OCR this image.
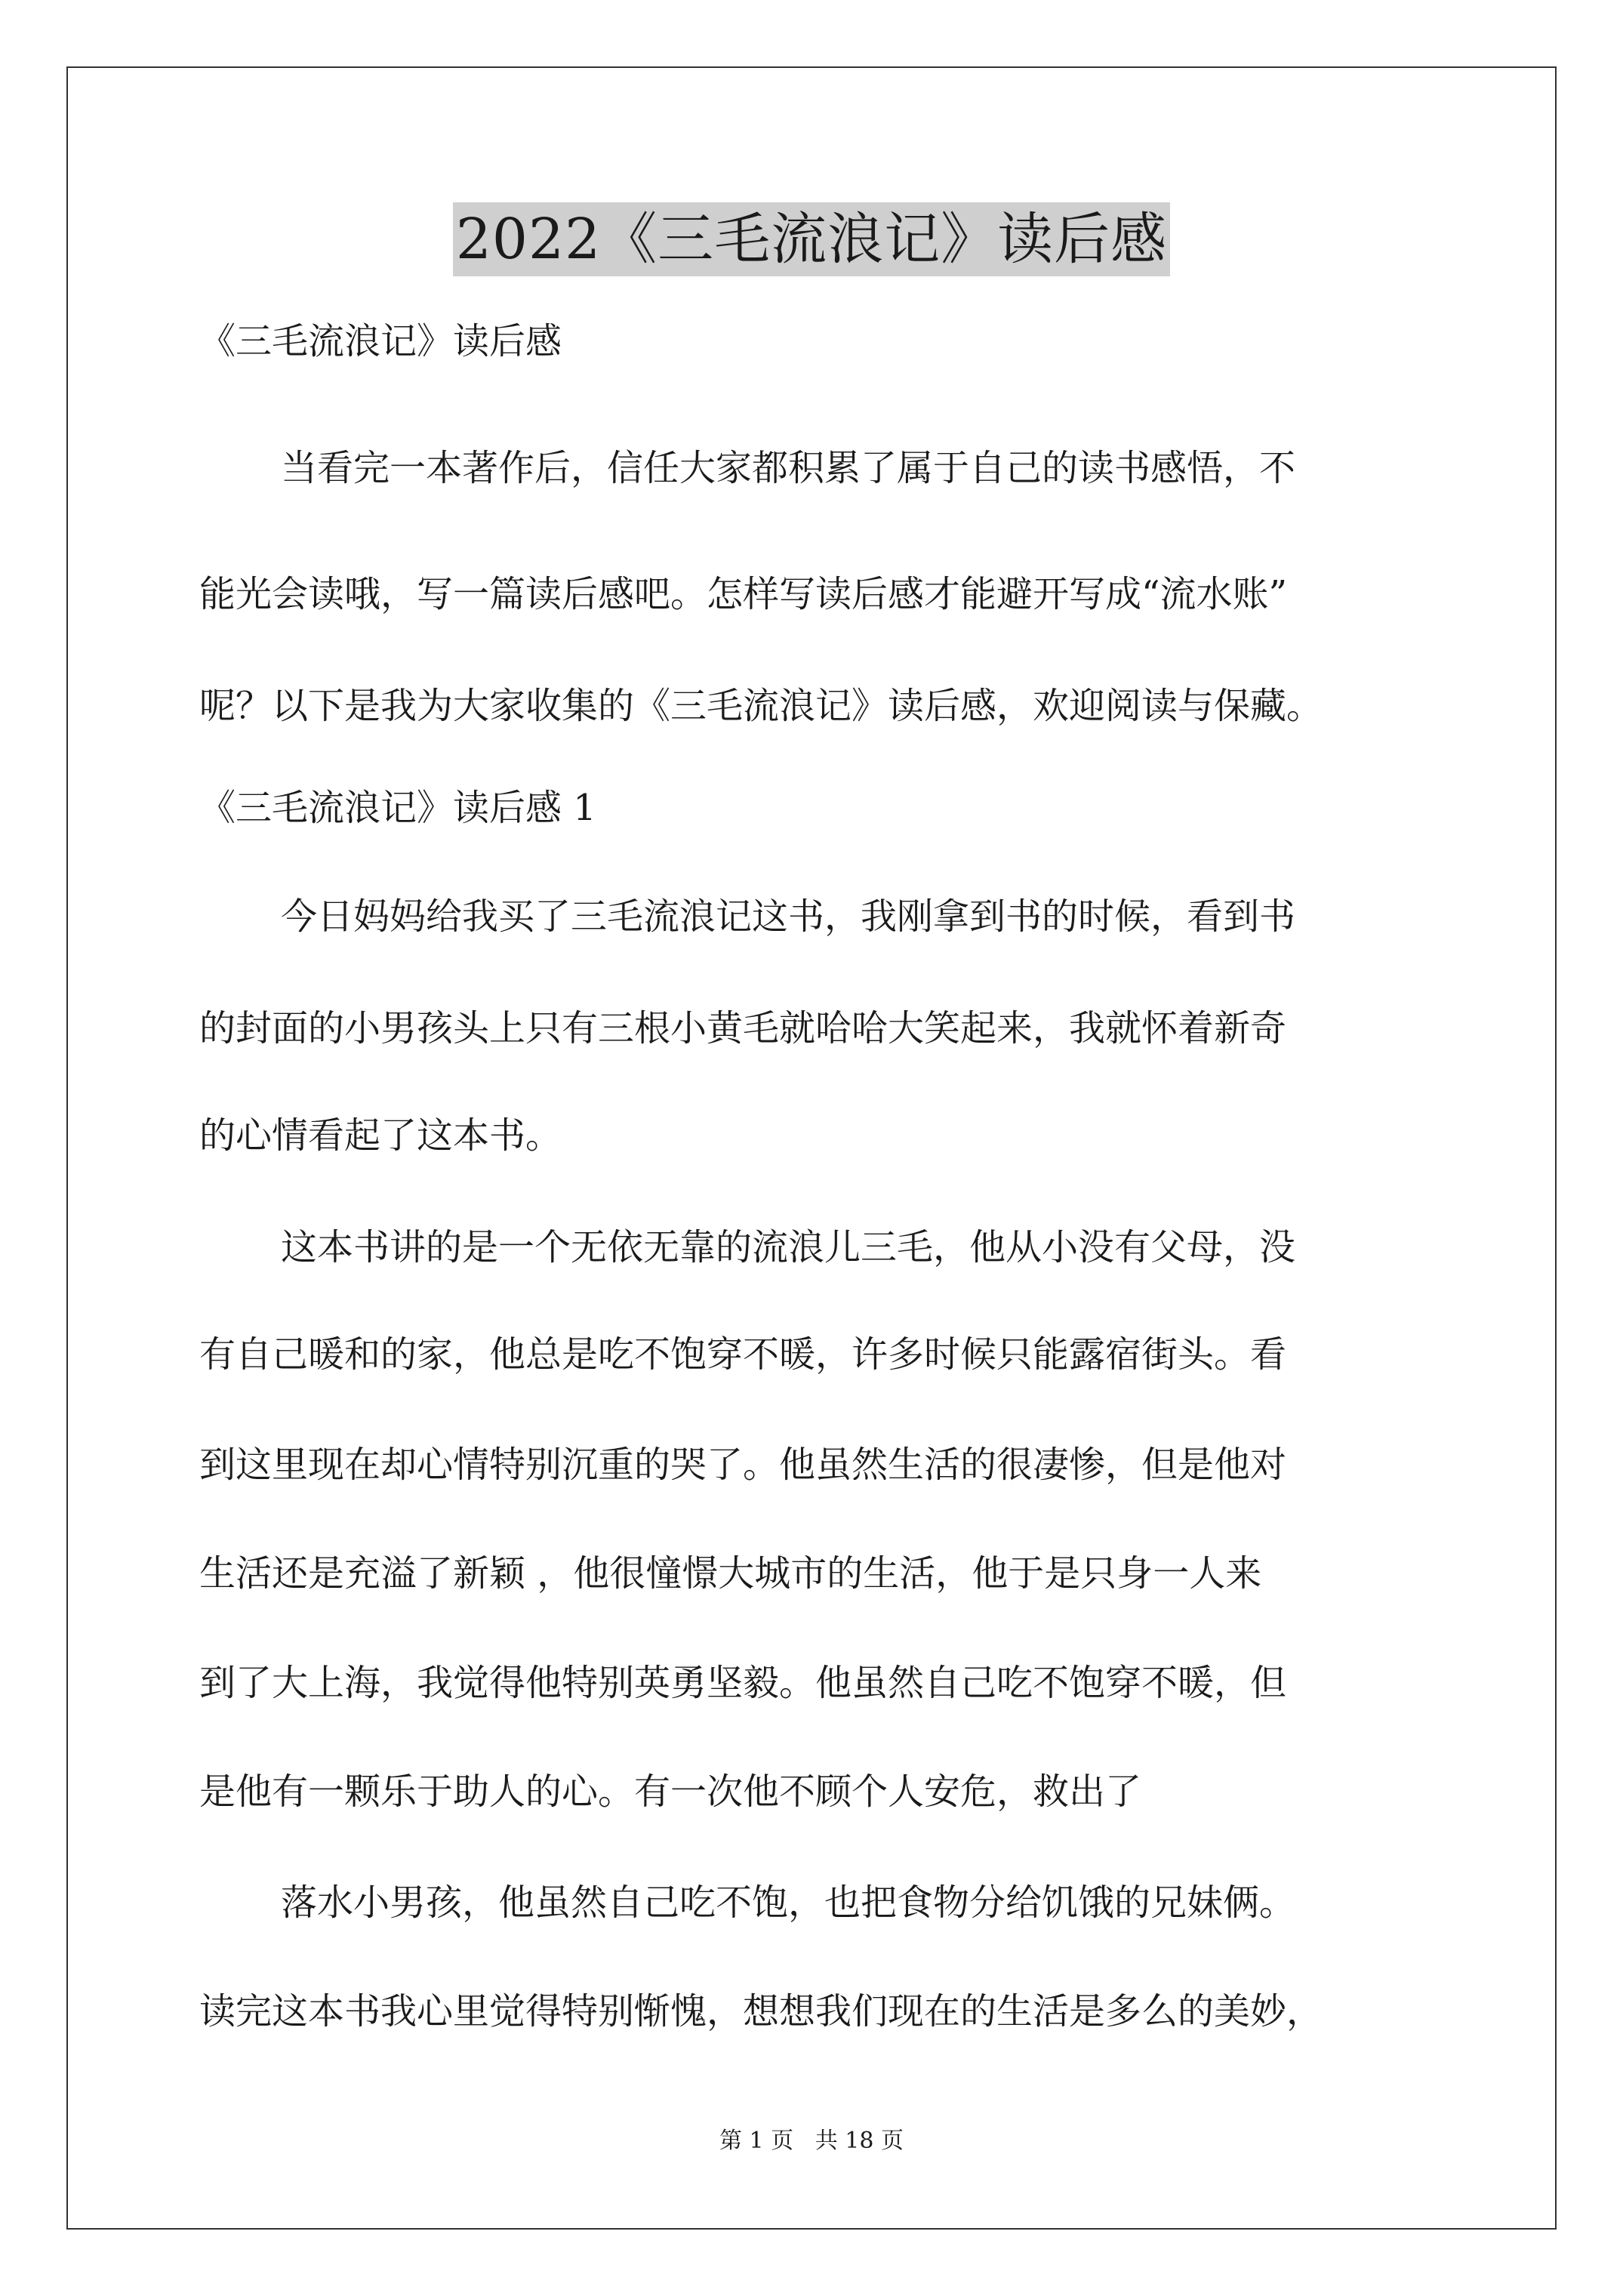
2022《三毛流浪记》读后感
《三毛流浪记》读后感
当看完一本著作后，信任大家都积累了属于自己的读书感悟，不
能光会读哦，写一篇读后感吧。怎样写读后感才能避开写成“流水账”
呢？以下是我为大家收集的《三毛流浪记》读后感，欢迎阅读与保藏。
《三毛流浪记》读后感 1
今日妈妈给我买了三毛流浪记这书，我刚拿到书的时候，看到书
的封面的小男孩头上只有三根小黄毛就哈哈大笑起来，我就怀着新奇
的心情看起了这本书。
这本书讲的是一个无依无靠的流浪儿三毛，他从小没有父母，没
有自己暖和的家，他总是吃不饱穿不暖，许多时候只能露宿街头。看
到这里现在却心情特别沉重的哭了。他虽然生活的很凄惨，但是他对
生活还是充溢了新颖 ，他很憧憬大城市的生活，他于是只身一人来
到了大上海，我觉得他特别英勇坚毅。他虽然自己吃不饱穿不暖，但
是他有一颗乐于助人的心。有一次他不顾个人安危，救出了
落水小男孩，他虽然自己吃不饱，也把食物分给饥饿的兄妹俩。
读完这本书我心里觉得特别惭愧，想想我们现在的生活是多么的美妙，
第 1 页   共 18 页
